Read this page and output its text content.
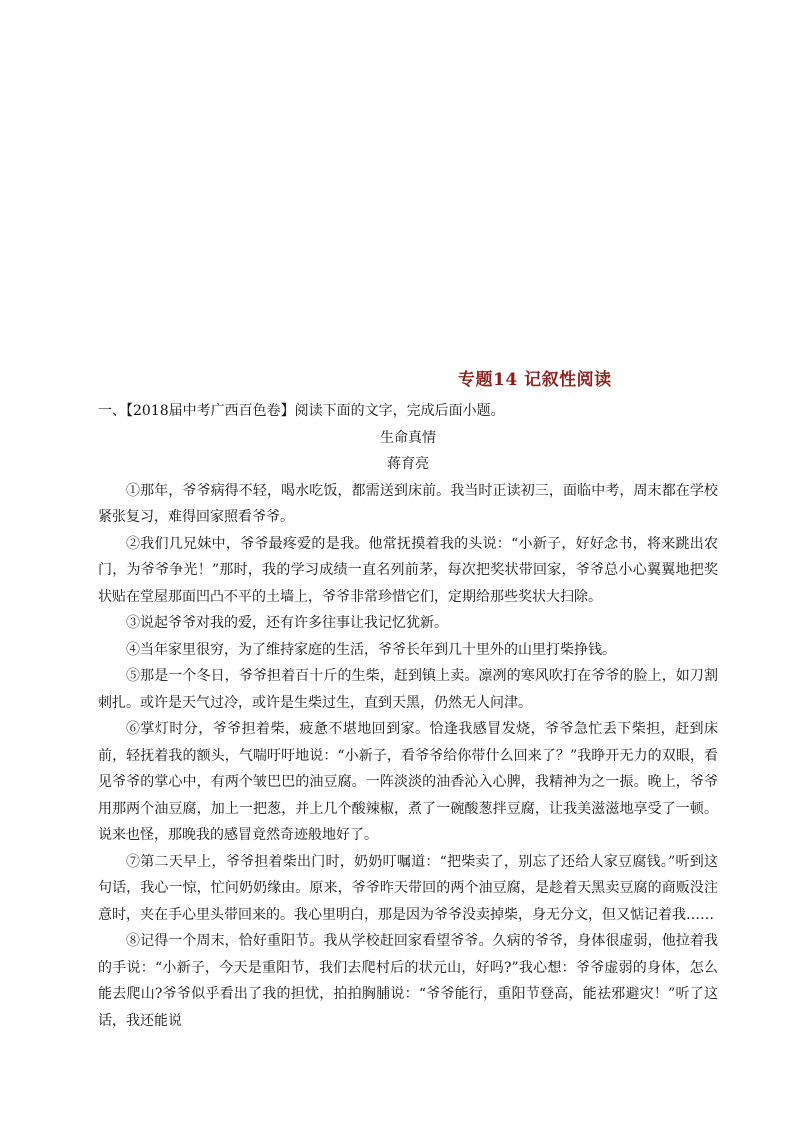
专题14 记叙性阅读

一、【2018届中考广西百色卷】阅读下面的文字，完成后面小题。

生命真情

蒋育亮

①那年，爷爷病得不轻，喝水吃饭，都需送到床前。我当时正读初三，面临中考，周末都在学校紧张复习，难得回家照看爷爷。

②我们几兄妹中，爷爷最疼爱的是我。他常抚摸着我的头说：“小新子，好好念书，将来跳出农门，为爷爷争光！”那时，我的学习成绩一直名列前茅，每次把奖状带回家，爷爷总小心翼翼地把奖状贴在堂屋那面凹凸不平的土墙上，爷爷非常珍惜它们，定期给那些奖状大扫除。

③说起爷爷对我的爱，还有许多往事让我记忆犹新。

④当年家里很穷，为了维持家庭的生活，爷爷长年到几十里外的山里打柴挣钱。

⑤那是一个冬日，爷爷担着百十斤的生柴，赶到镇上卖。凛冽的寒风吹打在爷爷的脸上，如刀割刺扎。或许是天气过冷，或许是生柴过生，直到天黑，仍然无人问津。

⑥掌灯时分，爷爷担着柴，疲惫不堪地回到家。恰逢我感冒发烧，爷爷急忙丢下柴担，赶到床前，轻抚着我的额头，气喘吁吁地说：“小新子，看爷爷给你带什么回来了？”我睁开无力的双眼，看见爷爷的掌心中，有两个皱巴巴的油豆腐。一阵淡淡的油香沁入心脾，我精神为之一振。晚上，爷爷用那两个油豆腐，加上一把葱，并上几个酸辣椒，煮了一碗酸葱拌豆腐，让我美滋滋地享受了一顿。说来也怪，那晚我的感冒竟然奇迹般地好了。

⑦第二天早上，爷爷担着柴出门时，奶奶叮嘱道：“把柴卖了，别忘了还给人家豆腐钱。”听到这句话，我心一惊，忙问奶奶缘由。原来，爷爷昨天带回的两个油豆腐，是趁着天黑卖豆腐的商贩没注意时，夹在手心里头带回来的。我心里明白，那是因为爷爷没卖掉柴，身无分文，但又惦记着我……

⑧记得一个周末，恰好重阳节。我从学校赶回家看望爷爷。久病的爷爷，身体很虚弱，他拉着我的手说：“小新子，今天是重阳节，我们去爬村后的状元山，好吗?”我心想：爷爷虚弱的身体，怎么能去爬山?爷爷似乎看出了我的担忧，拍拍胸脯说：“爷爷能行，重阳节登高，能祛邪避灾！”听了这话，我还能说
